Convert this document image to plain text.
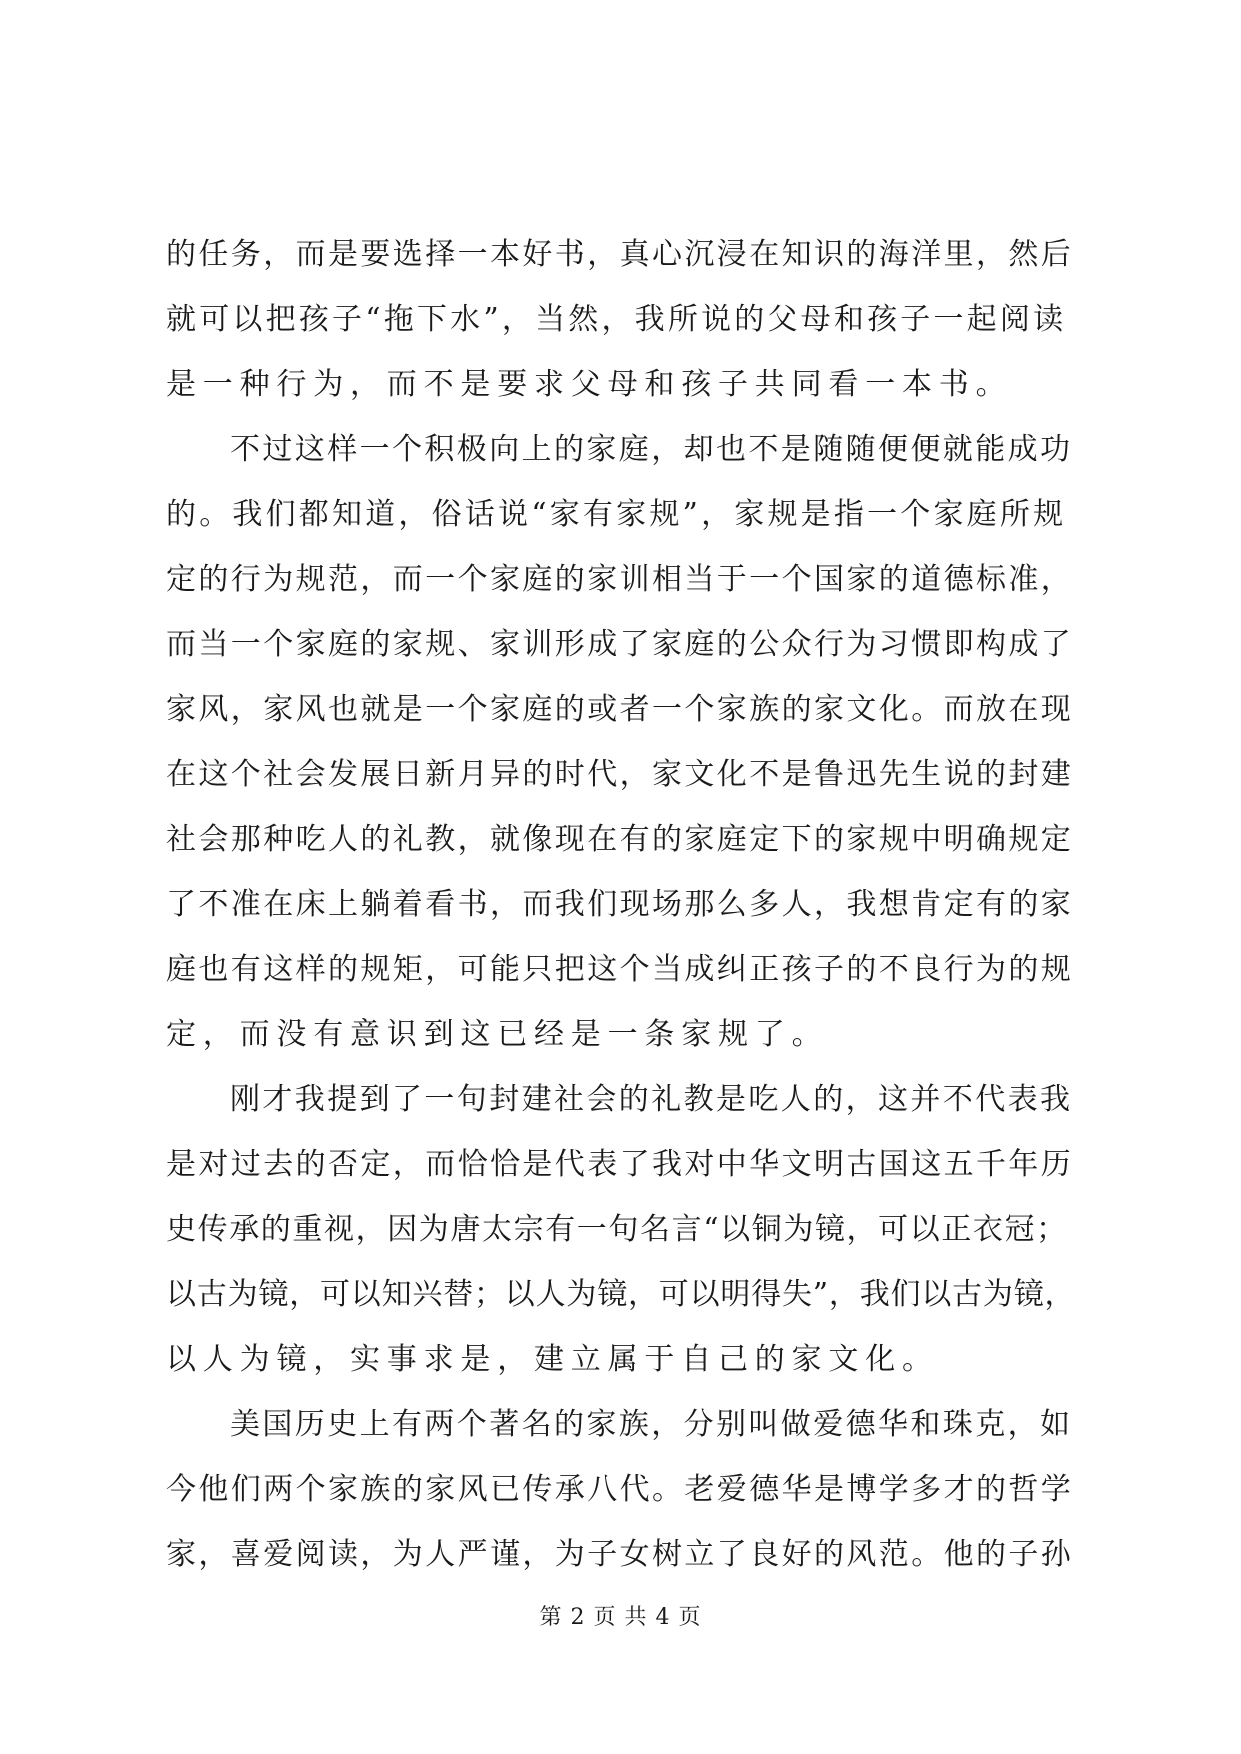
的任务，而是要选择一本好书，真心沉浸在知识的海洋里，然后
就可以把孩子“拖下水”，当然，我所说的父母和孩子一起阅读
是一种行为，而不是要求父母和孩子共同看一本书。
不过这样一个积极向上的家庭，却也不是随随便便就能成功
的。我们都知道，俗话说“家有家规”，家规是指一个家庭所规
定的行为规范，而一个家庭的家训相当于一个国家的道德标准，
而当一个家庭的家规、家训形成了家庭的公众行为习惯即构成了
家风，家风也就是一个家庭的或者一个家族的家文化。而放在现
在这个社会发展日新月异的时代，家文化不是鲁迅先生说的封建
社会那种吃人的礼教，就像现在有的家庭定下的家规中明确规定
了不准在床上躺着看书，而我们现场那么多人，我想肯定有的家
庭也有这样的规矩，可能只把这个当成纠正孩子的不良行为的规
定，而没有意识到这已经是一条家规了。
刚才我提到了一句封建社会的礼教是吃人的，这并不代表我
是对过去的否定，而恰恰是代表了我对中华文明古国这五千年历
史传承的重视，因为唐太宗有一句名言“以铜为镜，可以正衣冠；
以古为镜，可以知兴替；以人为镜，可以明得失”，我们以古为镜，
以人为镜，实事求是，建立属于自己的家文化。
美国历史上有两个著名的家族，分别叫做爱德华和珠克，如
今他们两个家族的家风已传承八代。老爱德华是博学多才的哲学
家，喜爱阅读，为人严谨，为子女树立了良好的风范。他的子孙
第 2 页 共 4 页
